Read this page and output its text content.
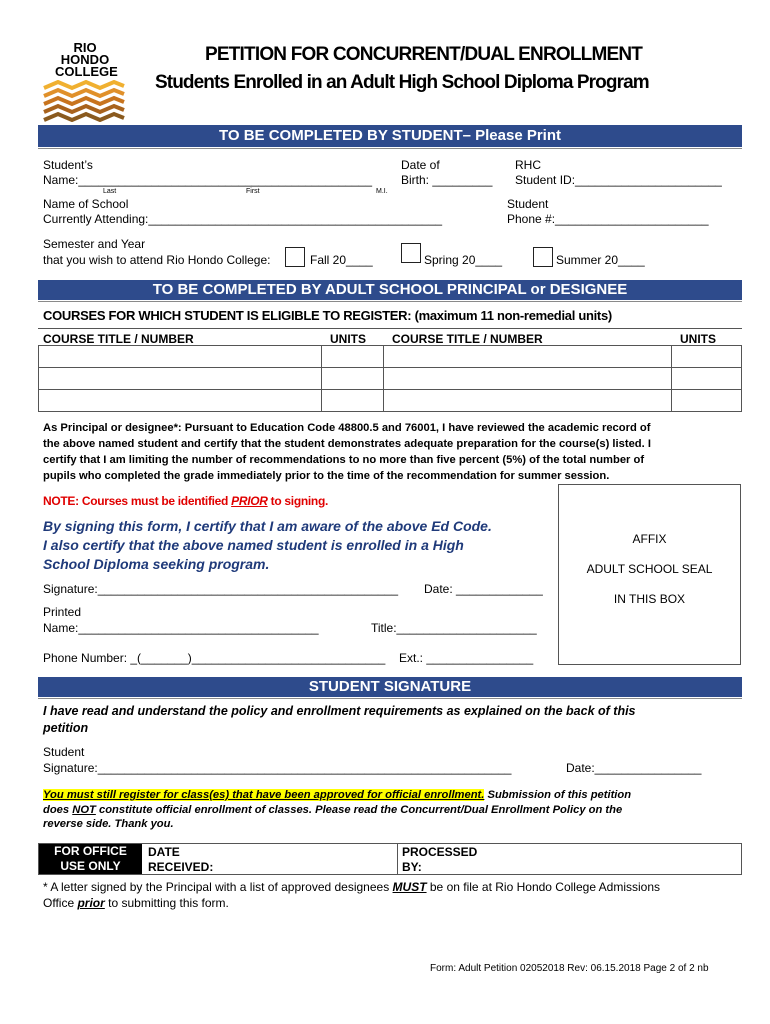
RIO
HONDO
COLLEGE
PETITION FOR CONCURRENT/DUAL ENROLLMENT
Students Enrolled in an Adult High School Diploma Program
TO BE COMPLETED BY STUDENT– Please Print
Student’s
Name:____________________________________________
Last	First	M.I.
Date of
Birth: _________
RHC
Student ID:______________________
Name of School
Currently Attending:____________________________________________
Student
Phone #:_______________________
Semester and Year
that you wish to attend Rio Hondo College:	Fall 20____	Spring 20____	Summer 20____
TO BE COMPLETED BY ADULT SCHOOL PRINCIPAL or DESIGNEE
COURSES FOR WHICH STUDENT IS ELIGIBLE TO REGISTER: (maximum 11 non-remedial units)
COURSE TITLE / NUMBER	UNITS COURSE TITLE / NUMBER	UNITS

As Principal or designee*: Pursuant to Education Code 48800.5 and 76001, I have reviewed the academic record of
the above named student and certify that the student demonstrates adequate preparation for the course(s) listed. I
certify that I am limiting the number of recommendations to no more than five percent (5%) of the total number of
pupils who completed the grade immediately prior to the time of the recommendation for summer session.
NOTE: Courses must be identified PRIOR to signing.
By signing this form, I certify that I am aware of the above Ed Code.
I also certify that the above named student is enrolled in a High
School Diploma seeking program.
Signature:_____________________________________________ Date: _____________
Printed
Name:____________________________________	Title:_____________________
Phone Number: _(_______)_____________________________ Ext.: ________________
AFFIX
ADULT SCHOOL SEAL
IN THIS BOX
STUDENT SIGNATURE
I have read and understand the policy and enrollment requirements as explained on the back of this
petition
Student
Signature:______________________________________________________________	Date:________________
You must still register for class(es) that have been approved for official enrollment. Submission of this petition
does NOT constitute official enrollment of classes. Please read the Concurrent/Dual Enrollment Policy on the
reverse side. Thank you.
FOR OFFICE
USE ONLY
DATE
RECEIVED:
PROCESSED
BY:
* A letter signed by the Principal with a list of approved designees MUST be on file at Rio Hondo College Admissions
Office prior to submitting this form.
Form: Adult Petition 02052018 Rev: 06.15.2018 Page 2 of 2 nb
